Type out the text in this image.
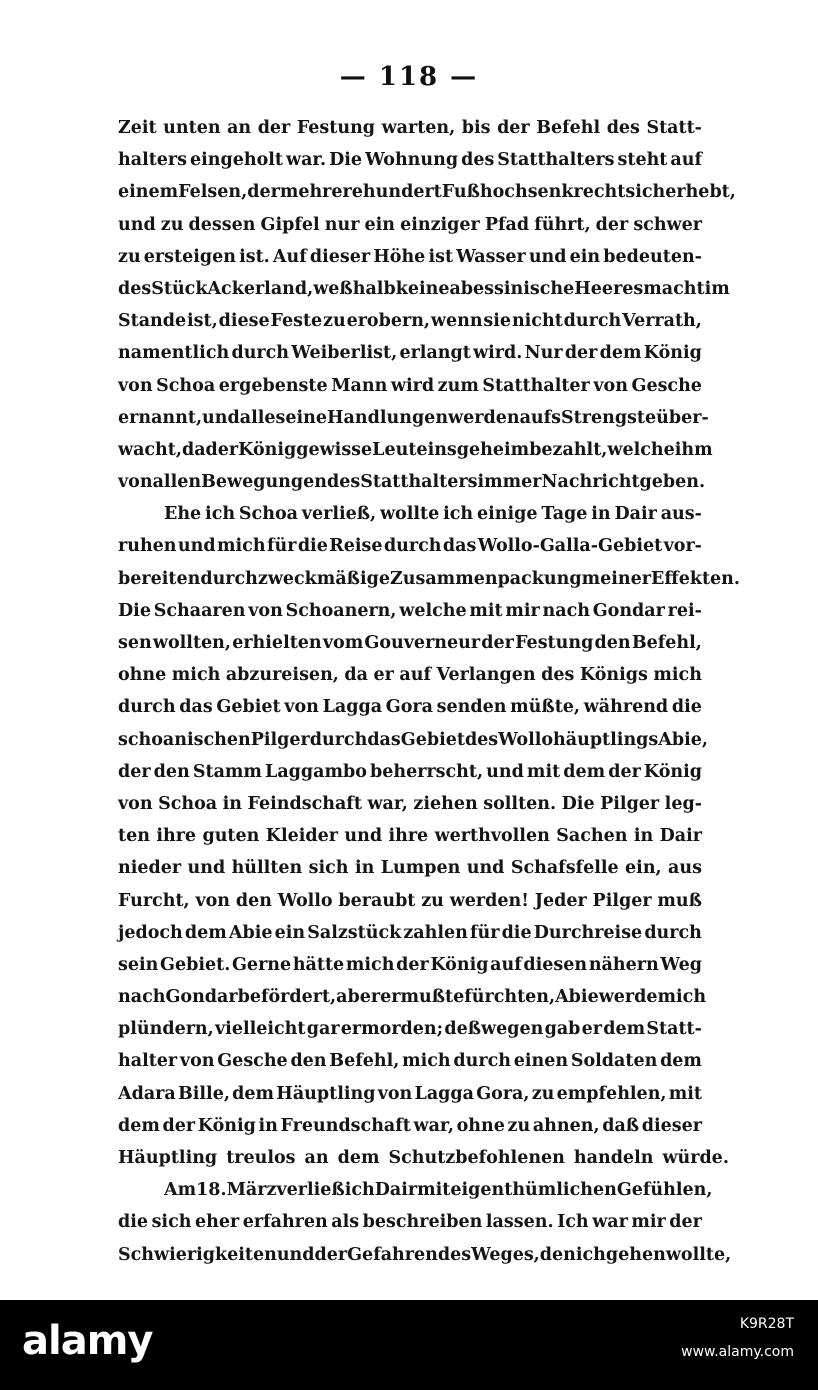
— 118 —
Zeit unten an der Festung warten, bis der Befehl des Statt-
halters eingeholt war. Die Wohnung des Statthalters steht auf
einem Felsen, der mehrere hundert Fuß hoch senkrecht sich erhebt,
und zu dessen Gipfel nur ein einziger Pfad führt, der schwer
zu ersteigen ist. Auf dieser Höhe ist Wasser und ein bedeuten-
des Stück Ackerland, weßhalb keine abessinische Heeresmacht im
Stande ist, diese Feste zu erobern, wenn sie nicht durch Verrath,
namentlich durch Weiberlist, erlangt wird. Nur der dem König
von Schoa ergebenste Mann wird zum Statthalter von Gesche
ernannt, und alle seine Handlungen werden aufs Strengste über-
wacht, da der König gewisse Leute insgeheim bezahlt, welche ihm
von allen Bewegungen des Statthalters immer Nachricht geben.
Ehe ich Schoa verließ, wollte ich einige Tage in Dair aus-
ruhen und mich für die Reise durch das Wollo-Galla-Gebiet vor-
bereiten durch zweckmäßige Zusammenpackung meiner Effekten.
Die Schaaren von Schoanern, welche mit mir nach Gondar rei-
sen wollten, erhielten vom Gouverneur der Festung den Befehl,
ohne mich abzureisen, da er auf Verlangen des Königs mich
durch das Gebiet von Lagga Gora senden müßte, während die
schoanischen Pilger durch das Gebiet des Wollohäuptlings Abie,
der den Stamm Laggambo beherrscht, und mit dem der König
von Schoa in Feindschaft war, ziehen sollten. Die Pilger leg-
ten ihre guten Kleider und ihre werthvollen Sachen in Dair
nieder und hüllten sich in Lumpen und Schafsfelle ein, aus
Furcht, von den Wollo beraubt zu werden! Jeder Pilger muß
jedoch dem Abie ein Salzstück zahlen für die Durchreise durch
sein Gebiet. Gerne hätte mich der König auf diesen nähern Weg
nach Gondar befördert, aber er mußte fürchten, Abie werde mich
plündern, vielleicht gar ermorden; deßwegen gab er dem Statt-
halter von Gesche den Befehl, mich durch einen Soldaten dem
Adara Bille, dem Häuptling von Lagga Gora, zu empfehlen, mit
dem der König in Freundschaft war, ohne zu ahnen, daß dieser
Häuptling treulos an dem Schutzbefohlenen handeln würde.
Am 18. März verließ ich Dair mit eigenthümlichen Gefühlen,
die sich eher erfahren als beschreiben lassen. Ich war mir der
Schwierigkeiten und der Gefahren des Weges, den ich gehen wollte,
alamy	K9R28T
www.alamy.com
